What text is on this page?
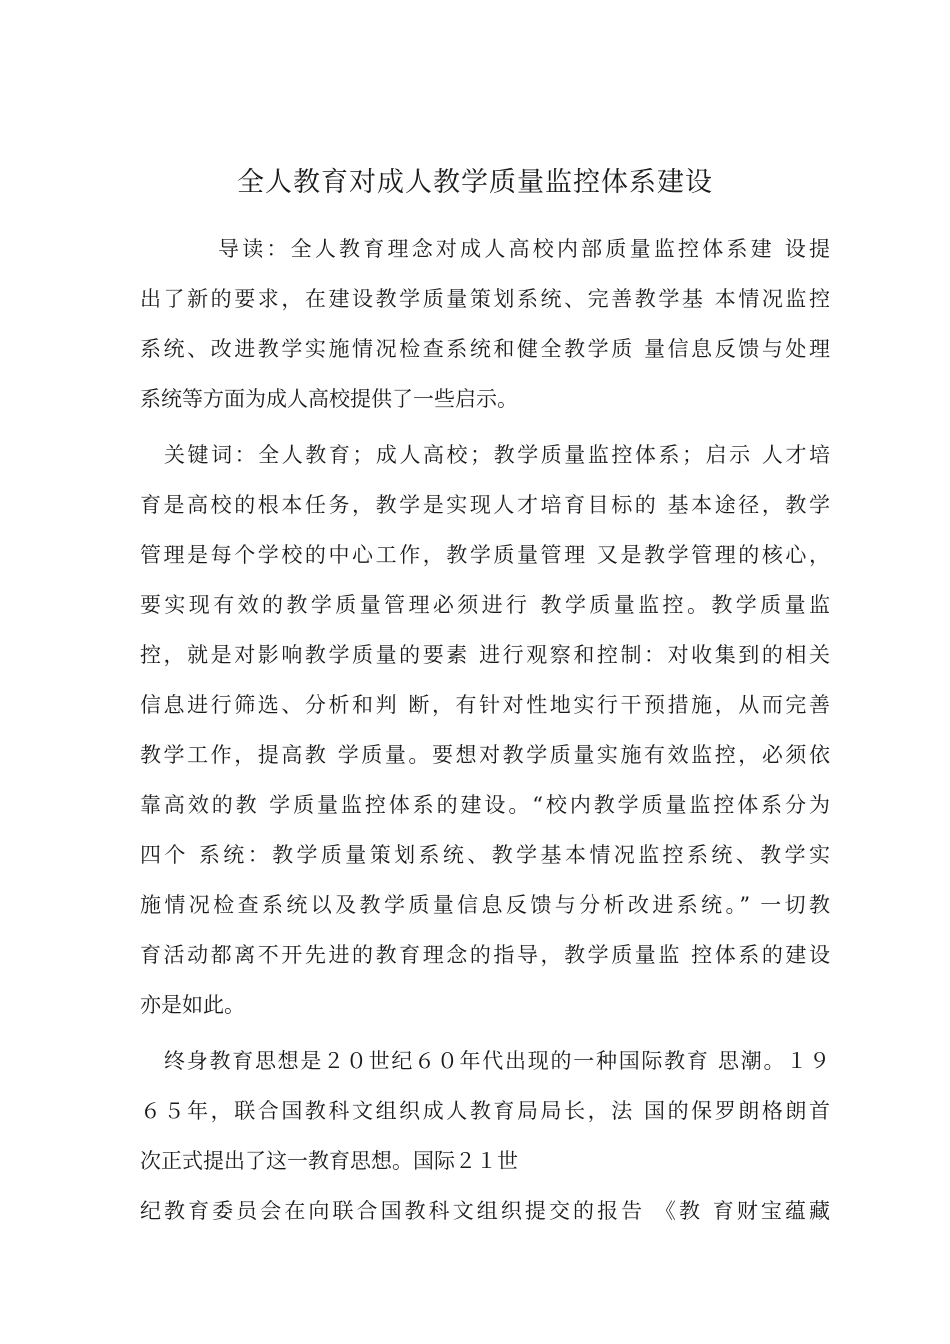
全人教育对成人教学质量监控体系建设
导读：全人教育理念对成人高校内部质量监控体系建 设提
出了新的要求，在建设教学质量策划系统、完善教学基 本情况监控
系统、改进教学实施情况检查系统和健全教学质 量信息反馈与处理
系统等方面为成人高校提供了一些启示。
关键词：全人教育；成人高校；教学质量监控体系；启示 人才培
育是高校的根本任务，教学是实现人才培育目标的 基本途径，教学
管理是每个学校的中心工作，教学质量管理 又是教学管理的核心，
要实现有效的教学质量管理必须进行 教学质量监控。教学质量监
控，就是对影响教学质量的要素 进行观察和控制：对收集到的相关
信息进行筛选、分析和判 断，有针对性地实行干预措施，从而完善
教学工作，提高教 学质量。要想对教学质量实施有效监控，必须依
靠高效的教 学质量监控体系的建设。“校内教学质量监控体系分为
四个 系统：教学质量策划系统、教学基本情况监控系统、教学实
施情况检查系统以及教学质量信息反馈与分析改进系统。” 一切教
育活动都离不开先进的教育理念的指导，教学质量监 控体系的建设
亦是如此。
终身教育思想是２０世纪６０年代出现的一种国际教育 思潮。１９
６５年，联合国教科文组织成人教育局局长，法 国的保罗朗格朗首
次正式提出了这一教育思想。国际２１世
纪教育委员会在向联合国教科文组织提交的报告 《教 育财宝蕴藏
